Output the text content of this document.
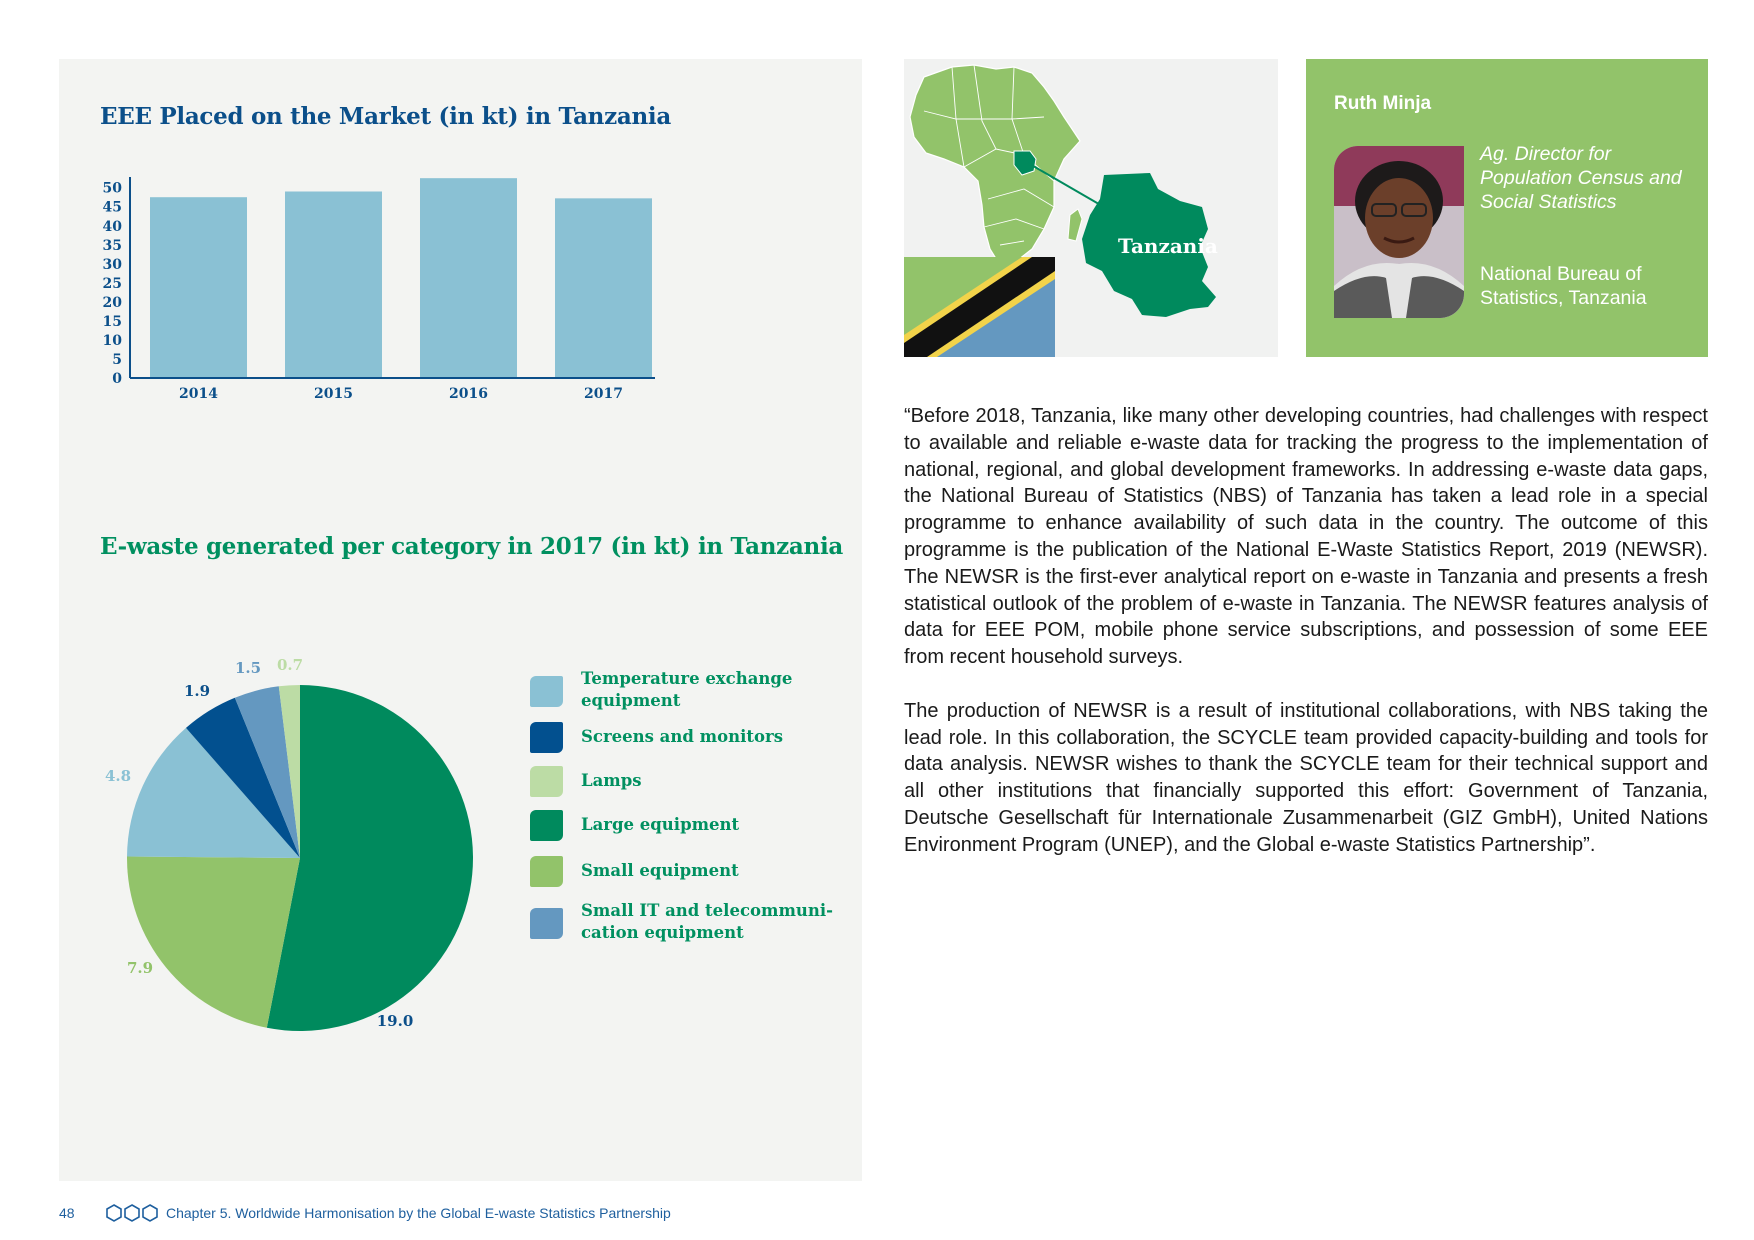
EEE Placed on the Market (in kt) in Tanzania
0
5
10
15
20
25
30
35
40
45
50
2014	2015	2016	2017
E-waste generated per category in 2017 (in kt) in Tanzania
19.0
7.9
4.8
1.9
1.5 0.7
Temperature exchange equipment
Screens and monitors
Lamps
Large equipment
Small equipment
Small IT and telecommuni-cation equipment
Tanzania
Ruth Minja
Ag. Director for Population Census and Social Statistics
National Bureau of Statistics, Tanzania

“Before 2018, Tanzania, like many other developing countries, had challenges with respect to available and reliable e-waste data for tracking the progress to the implementation of national, regional, and global development frameworks. In addressing e-waste data gaps, the National Bureau of Statistics (NBS) of Tanzania has taken a lead role in a special programme to enhance availability of such data in the country. The outcome of this programme is the publication of the National E-Waste Statistics Report, 2019 (NEWSR). The NEWSR is the first-ever analytical report on e-waste in Tanzania and presents a fresh statistical outlook of the problem of e-waste in Tanzania. The NEWSR features analysis of data for EEE POM, mobile phone service subscriptions, and possession of some EEE from recent household surveys.

The production of NEWSR is a result of institutional collaborations, with NBS taking the lead role. In this collaboration, the SCYCLE team provided capacity-building and tools for data analysis. NEWSR wishes to thank the SCYCLE team for their technical support and all other institutions that financially supported this effort: Government of Tanzania, Deutsche Gesellschaft für Internationale Zusammenarbeit (GIZ GmbH), United Nations Environment Program (UNEP), and the Global e-waste Statistics Partnership”.

48	Chapter 5. Worldwide Harmonisation by the Global E-waste Statistics Partnership
